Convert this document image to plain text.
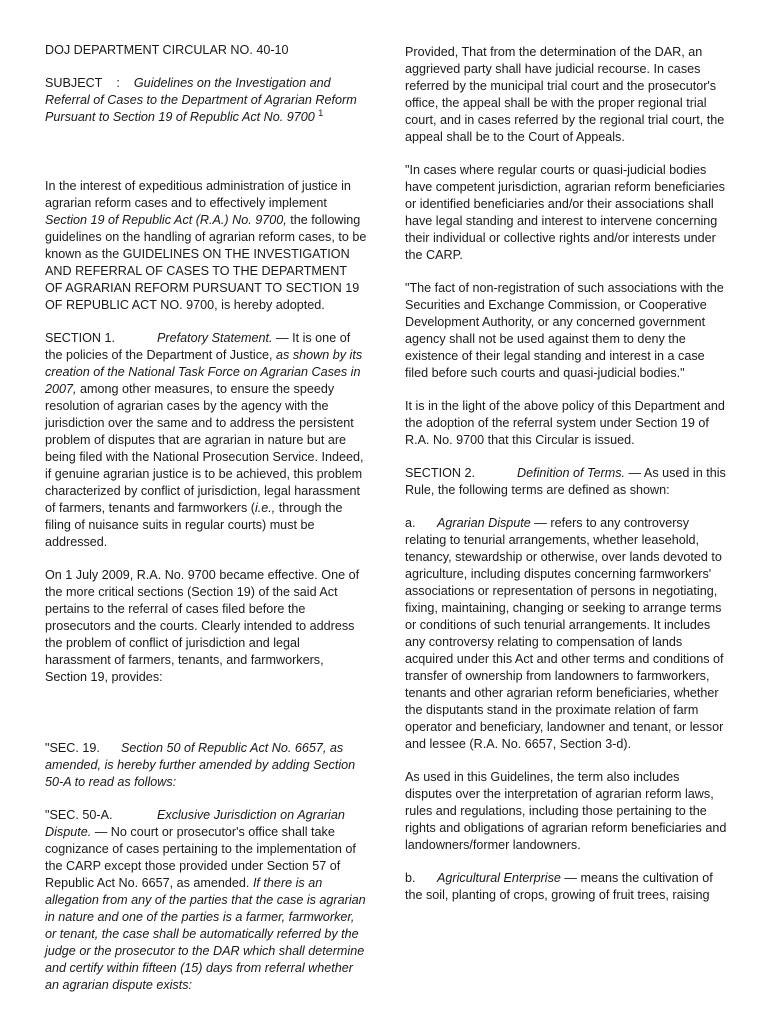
DOJ DEPARTMENT CIRCULAR NO. 40-10

SUBJECT : Guidelines on the Investigation and Referral of Cases to the Department of Agrarian Reform Pursuant to Section 19 of Republic Act No. 9700 $^1$

In the interest of expeditious administration of justice in agrarian reform cases and to effectively implement Section 19 of Republic Act (R.A.) No. 9700, the following guidelines on the handling of agrarian reform cases, to be known as the GUIDELINES ON THE INVESTIGATION AND REFERRAL OF CASES TO THE DEPARTMENT OF AGRARIAN REFORM PURSUANT TO SECTION 19 OF REPUBLIC ACT NO. 9700, is hereby adopted.

SECTION 1.	Prefatory Statement. — It is one of the policies of the Department of Justice, as shown by its creation of the National Task Force on Agrarian Cases in 2007, among other measures, to ensure the speedy resolution of agrarian cases by the agency with the jurisdiction over the same and to address the persistent problem of disputes that are agrarian in nature but are being filed with the National Prosecution Service. Indeed, if genuine agrarian justice is to be achieved, this problem characterized by conflict of jurisdiction, legal harassment of farmers, tenants and farmworkers (i.e., through the filing of nuisance suits in regular courts) must be addressed.

On 1 July 2009, R.A. No. 9700 became effective. One of the more critical sections (Section 19) of the said Act pertains to the referral of cases filed before the prosecutors and the courts. Clearly intended to address the problem of conflict of jurisdiction and legal harassment of farmers, tenants, and farmworkers, Section 19, provides:

"SEC. 19. Section 50 of Republic Act No. 6657, as amended, is hereby further amended by adding Section 50-A to read as follows:

"SEC. 50-A.	Exclusive Jurisdiction on Agrarian Dispute. — No court or prosecutor's office shall take cognizance of cases pertaining to the implementation of the CARP except those provided under Section 57 of Republic Act No. 6657, as amended. If there is an allegation from any of the parties that the case is agrarian in nature and one of the parties is a farmer, farmworker, or tenant, the case shall be automatically referred by the judge or the prosecutor to the DAR which shall determine and certify within fifteen (15) days from referral whether an agrarian dispute exists:

Provided, That from the determination of the DAR, an aggrieved party shall have judicial recourse. In cases referred by the municipal trial court and the prosecutor's office, the appeal shall be with the proper regional trial court, and in cases referred by the regional trial court, the appeal shall be to the Court of Appeals.

"In cases where regular courts or quasi-judicial bodies have competent jurisdiction, agrarian reform beneficiaries or identified beneficiaries and/or their associations shall have legal standing and interest to intervene concerning their individual or collective rights and/or interests under the CARP.

"The fact of non-registration of such associations with the Securities and Exchange Commission, or Cooperative Development Authority, or any concerned government agency shall not be used against them to deny the existence of their legal standing and interest in a case filed before such courts and quasi-judicial bodies."

It is in the light of the above policy of this Department and the adoption of the referral system under Section 19 of R.A. No. 9700 that this Circular is issued.

SECTION 2.	Definition of Terms. — As used in this Rule, the following terms are defined as shown:

a. Agrarian Dispute — refers to any controversy relating to tenurial arrangements, whether leasehold, tenancy, stewardship or otherwise, over lands devoted to agriculture, including disputes concerning farmworkers' associations or representation of persons in negotiating, fixing, maintaining, changing or seeking to arrange terms or conditions of such tenurial arrangements. It includes any controversy relating to compensation of lands acquired under this Act and other terms and conditions of transfer of ownership from landowners to farmworkers, tenants and other agrarian reform beneficiaries, whether the disputants stand in the proximate relation of farm operator and beneficiary, landowner and tenant, or lessor and lessee (R.A. No. 6657, Section 3-d).

As used in this Guidelines, the term also includes disputes over the interpretation of agrarian reform laws, rules and regulations, including those pertaining to the rights and obligations of agrarian reform beneficiaries and landowners/former landowners.

b. Agricultural Enterprise — means the cultivation of the soil, planting of crops, growing of fruit trees, raising
